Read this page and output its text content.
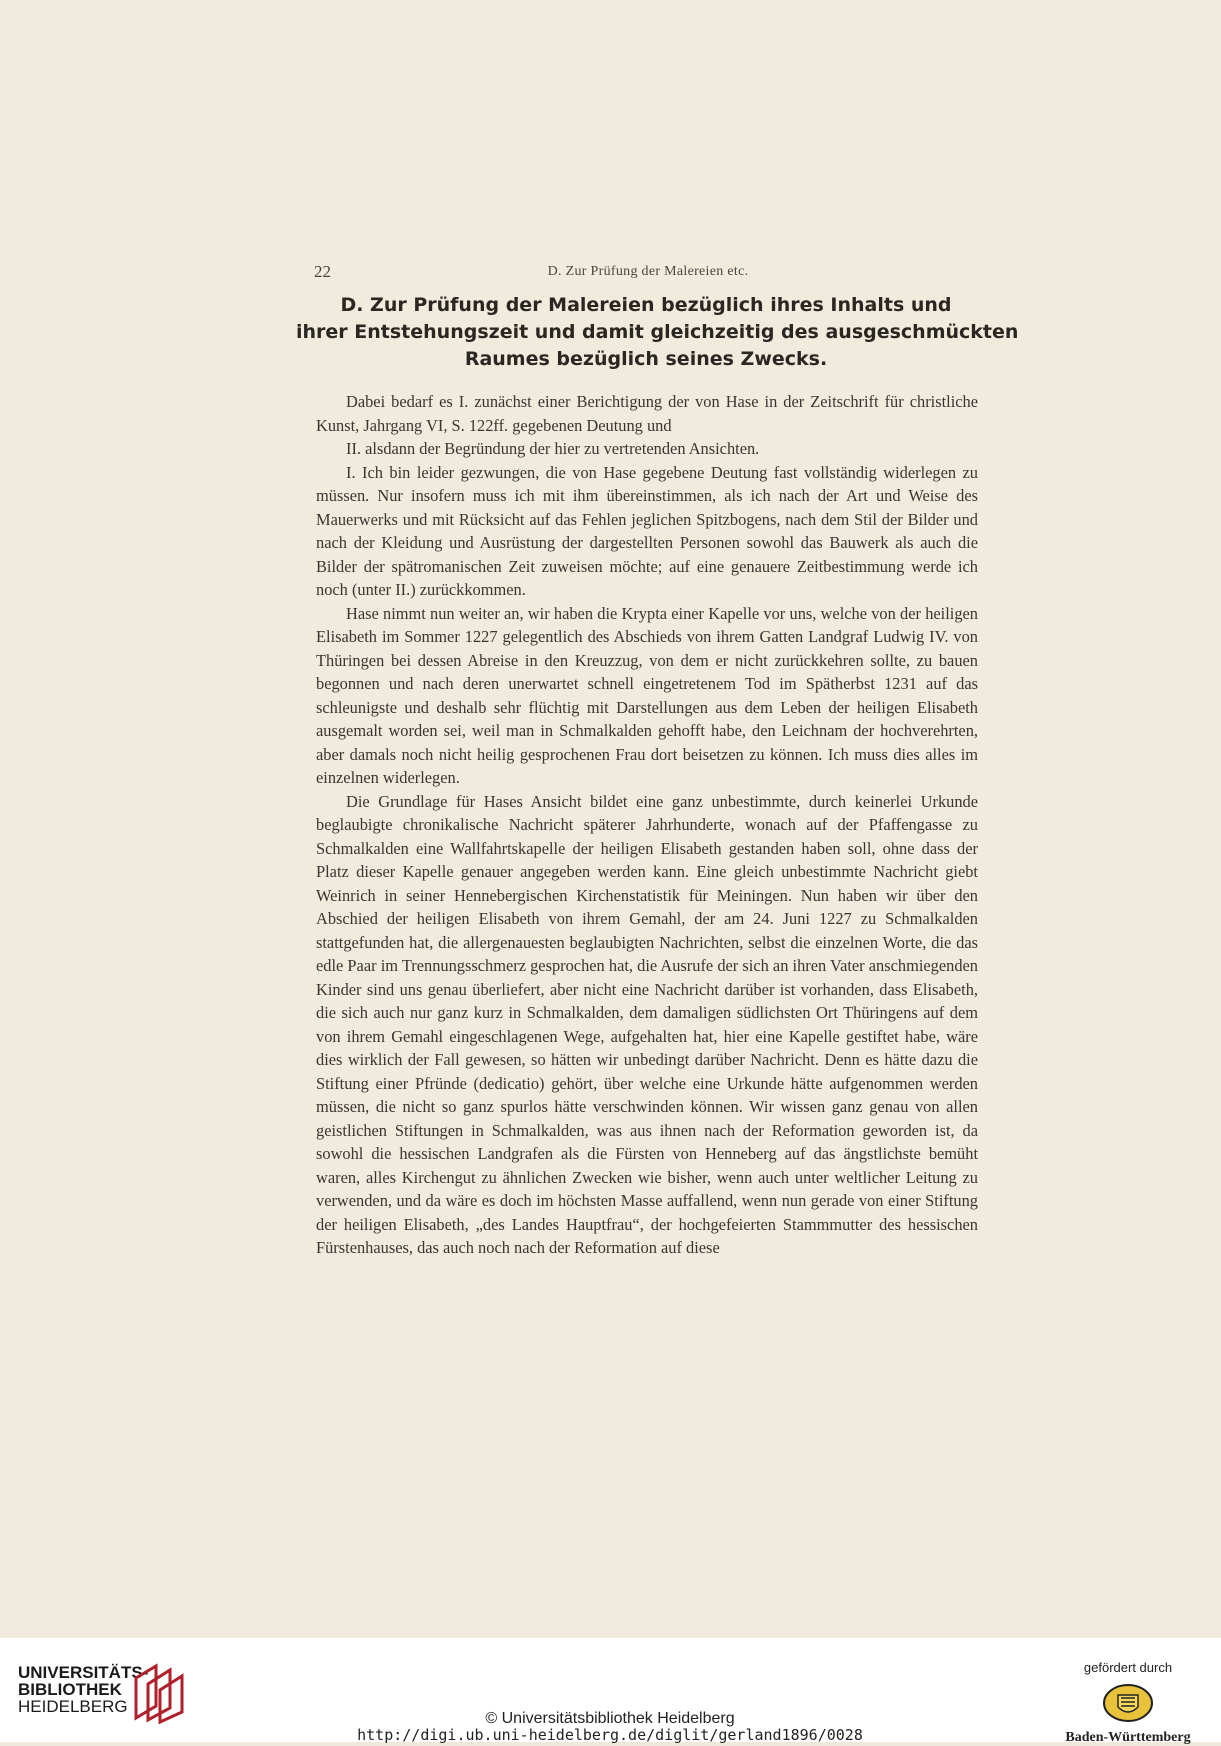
22	D. Zur Prüfung der Malereien etc.
D. Zur Prüfung der Malereien bezüglich ihres Inhalts und
ihrer Entstehungszeit und damit gleichzeitig des ausgeschmückten
Raumes bezüglich seines Zwecks.

Dabei bedarf es I. zunächst einer Berichtigung der von Hase in der Zeitschrift für christliche Kunst, Jahrgang VI, S. 122ff. gegebenen Deutung und

II. alsdann der Begründung der hier zu vertretenden Ansichten.

I. Ich bin leider gezwungen, die von Hase gegebene Deutung fast vollständig widerlegen zu müssen. Nur insofern muss ich mit ihm übereinstimmen, als ich nach der Art und Weise des Mauerwerks und mit Rücksicht auf das Fehlen jeglichen Spitzbogens, nach dem Stil der Bilder und nach der Kleidung und Ausrüstung der dargestellten Personen sowohl das Bauwerk als auch die Bilder der spätromanischen Zeit zuweisen möchte; auf eine genauere Zeitbestimmung werde ich noch (unter II.) zurückkommen.

Hase nimmt nun weiter an, wir haben die Krypta einer Kapelle vor uns, welche von der heiligen Elisabeth im Sommer 1227 gelegentlich des Abschieds von ihrem Gatten Landgraf Ludwig IV. von Thüringen bei dessen Abreise in den Kreuzzug, von dem er nicht zurückkehren sollte, zu bauen begonnen und nach deren unerwartet schnell eingetretenem Tod im Spätherbst 1231 auf das schleunigste und deshalb sehr flüchtig mit Darstellungen aus dem Leben der heiligen Elisabeth ausgemalt worden sei, weil man in Schmalkalden gehofft habe, den Leichnam der hochverehrten, aber damals noch nicht heilig gesprochenen Frau dort beisetzen zu können. Ich muss dies alles im einzelnen widerlegen.

Die Grundlage für Hases Ansicht bildet eine ganz unbestimmte, durch keinerlei Urkunde beglaubigte chronikalische Nachricht späterer Jahrhunderte, wonach auf der Pfaffengasse zu Schmalkalden eine Wallfahrtskapelle der heiligen Elisabeth gestanden haben soll, ohne dass der Platz dieser Kapelle genauer angegeben werden kann. Eine gleich unbestimmte Nachricht giebt Weinrich in seiner Hennebergischen Kirchenstatistik für Meiningen. Nun haben wir über den Abschied der heiligen Elisabeth von ihrem Gemahl, der am 24. Juni 1227 zu Schmalkalden stattgefunden hat, die allergenauesten beglaubigten Nachrichten, selbst die einzelnen Worte, die das edle Paar im Trennungsschmerz gesprochen hat, die Ausrufe der sich an ihren Vater anschmiegenden Kinder sind uns genau überliefert, aber nicht eine Nachricht darüber ist vorhanden, dass Elisabeth, die sich auch nur ganz kurz in Schmalkalden, dem damaligen südlichsten Ort Thüringens auf dem von ihrem Gemahl eingeschlagenen Wege, aufgehalten hat, hier eine Kapelle gestiftet habe, wäre dies wirklich der Fall gewesen, so hätten wir unbedingt darüber Nachricht. Denn es hätte dazu die Stiftung einer Pfründe (dedicatio) gehört, über welche eine Urkunde hätte aufgenommen werden müssen, die nicht so ganz spurlos hätte verschwinden können. Wir wissen ganz genau von allen geistlichen Stiftungen in Schmalkalden, was aus ihnen nach der Reformation geworden ist, da sowohl die hessischen Landgrafen als die Fürsten von Henneberg auf das ängstlichste bemüht waren, alles Kirchengut zu ähnlichen Zwecken wie bisher, wenn auch unter weltlicher Leitung zu verwenden, und da wäre es doch im höchsten Masse auffallend, wenn nun gerade von einer Stiftung der heiligen Elisabeth, „des Landes Hauptfrau“, der hochgefeierten Stammmutter des hessischen Fürstenhauses, das auch noch nach der Reformation auf diese

UNIVERSITÄTS-
BIBLIOTHEK
HEIDELBERG
© Universitätsbibliothek Heidelberg
http://digi.ub.uni-heidelberg.de/diglit/gerland1896/0028
gefördert durch
Baden-Württemberg
